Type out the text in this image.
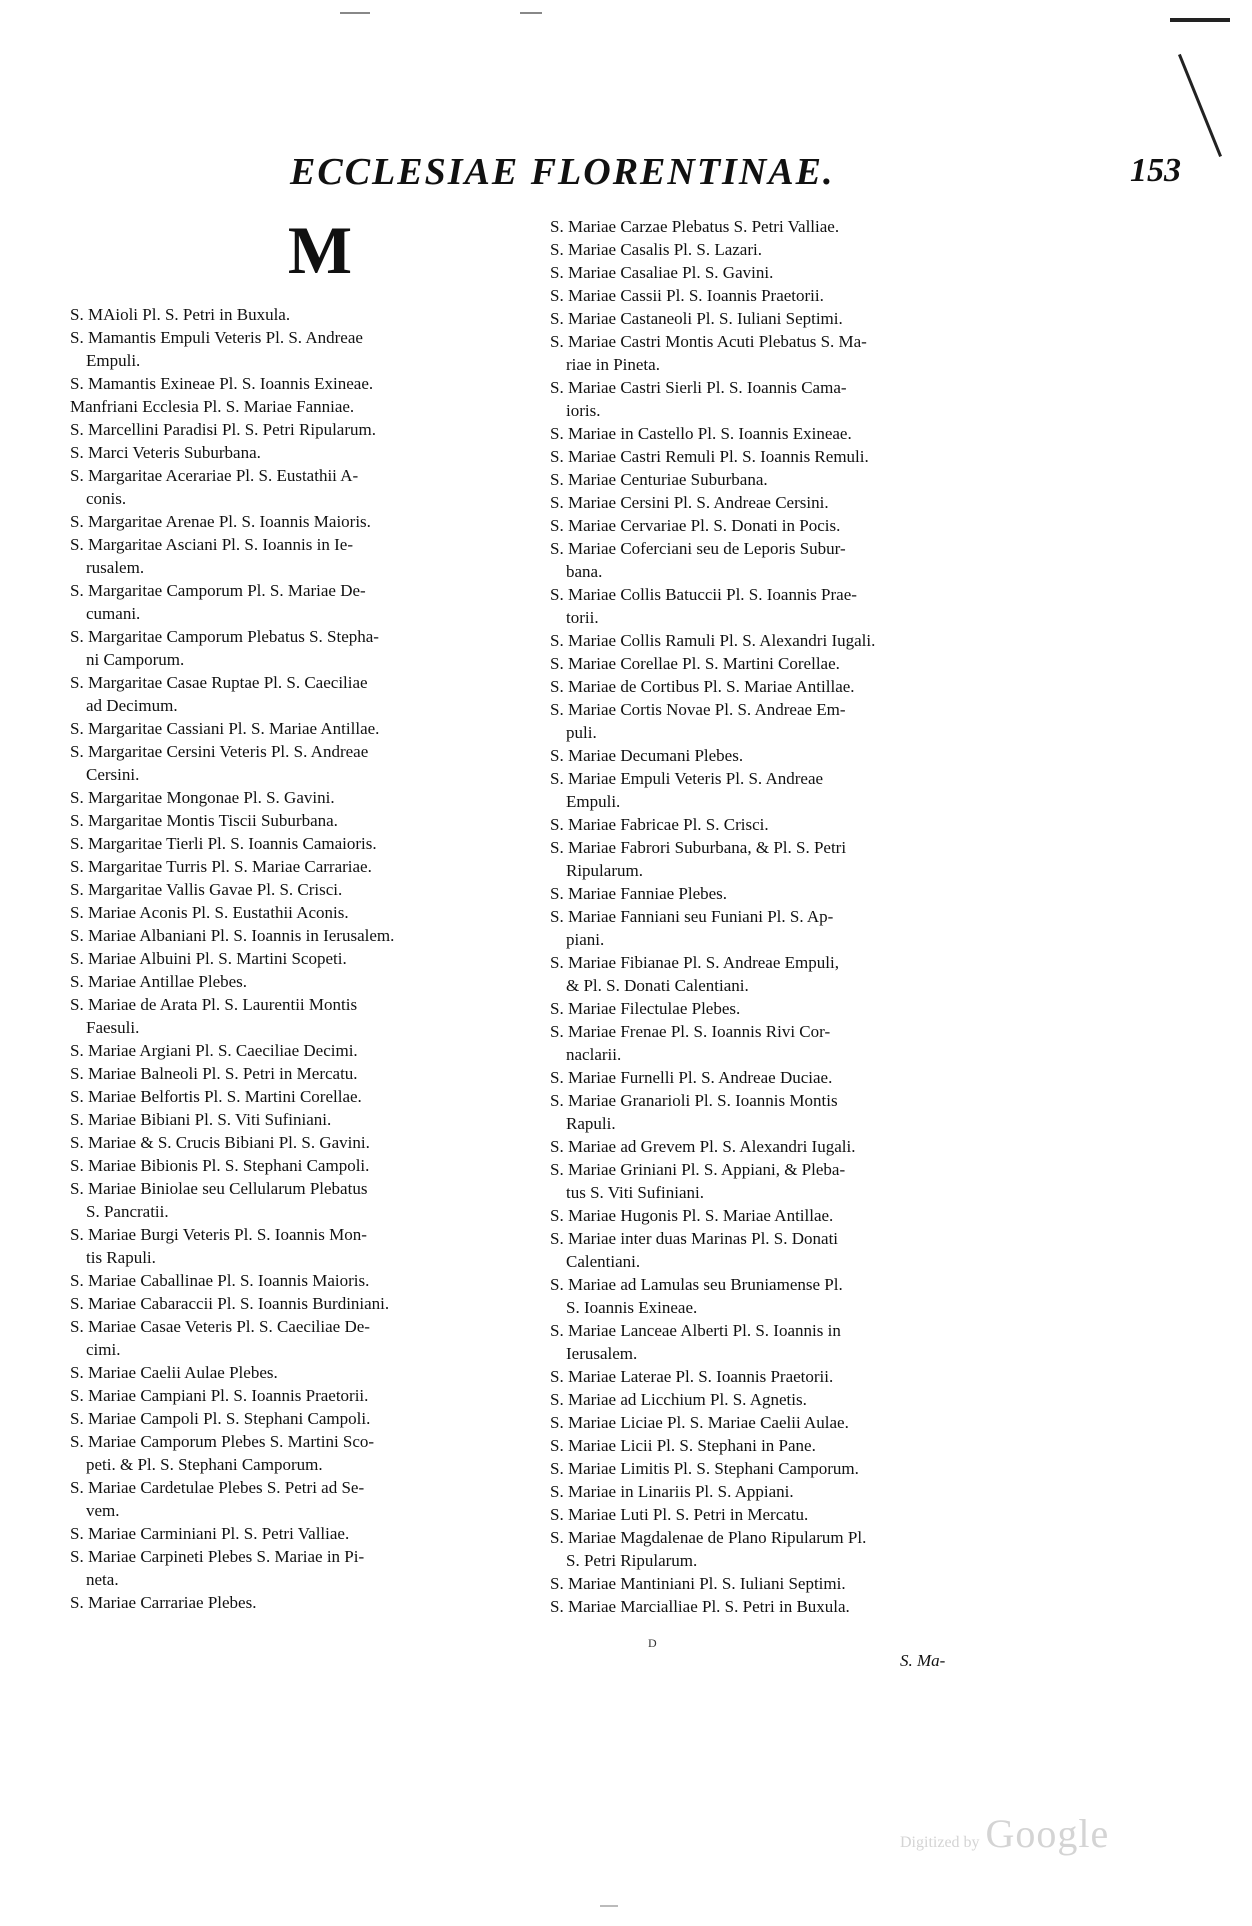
ECCLESIAE FLORENTINAE.	153
M

S. MAioli Pl. S. Petri in Buxula.

S. Mamantis Empuli Veteris Pl. S. Andreae
Empuli.

S. Mamantis Exineae Pl. S. Ioannis Exineae.

Manfriani Ecclesia Pl. S. Mariae Fanniae.

S. Marcellini Paradisi Pl. S. Petri Ripularum.

S. Marci Veteris Suburbana.

S. Margaritae Acerariae Pl. S. Eustathii A-
conis.

S. Margaritae Arenae Pl. S. Ioannis Maioris.

S. Margaritae Asciani Pl. S. Ioannis in Ie-
rusalem.

S. Margaritae Camporum Pl. S. Mariae De-
cumani.

S. Margaritae Camporum Plebatus S. Stepha-
ni Camporum.

S. Margaritae Casae Ruptae Pl. S. Caeciliae
ad Decimum.

S. Margaritae Cassiani Pl. S. Mariae Antillae.

S. Margaritae Cersini Veteris Pl. S. Andreae
Cersini.

S. Margaritae Mongonae Pl. S. Gavini.

S. Margaritae Montis Tiscii Suburbana.

S. Margaritae Tierli Pl. S. Ioannis Camaioris.

S. Margaritae Turris Pl. S. Mariae Carrariae.

S. Margaritae Vallis Gavae Pl. S. Crisci.

S. Mariae Aconis Pl. S. Eustathii Aconis.

S. Mariae Albaniani Pl. S. Ioannis in Ierusalem.

S. Mariae Albuini Pl. S. Martini Scopeti.

S. Mariae Antillae Plebes.

S. Mariae de Arata Pl. S. Laurentii Montis
Faesuli.

S. Mariae Argiani Pl. S. Caeciliae Decimi.

S. Mariae Balneoli Pl. S. Petri in Mercatu.

S. Mariae Belfortis Pl. S. Martini Corellae.

S. Mariae Bibiani Pl. S. Viti Sufiniani.

S. Mariae & S. Crucis Bibiani Pl. S. Gavini.

S. Mariae Bibionis Pl. S. Stephani Campoli.

S. Mariae Biniolae seu Cellularum Plebatus
S. Pancratii.

S. Mariae Burgi Veteris Pl. S. Ioannis Mon-
tis Rapuli.

S. Mariae Caballinae Pl. S. Ioannis Maioris.

S. Mariae Cabaraccii Pl. S. Ioannis Burdiniani.

S. Mariae Casae Veteris Pl. S. Caeciliae De-
cimi.

S. Mariae Caelii Aulae Plebes.

S. Mariae Campiani Pl. S. Ioannis Praetorii.

S. Mariae Campoli Pl. S. Stephani Campoli.

S. Mariae Camporum Plebes S. Martini Sco-
peti. & Pl. S. Stephani Camporum.

S. Mariae Cardetulae Plebes S. Petri ad Se-
vem.

S. Mariae Carminiani Pl. S. Petri Valliae.

S. Mariae Carpineti Plebes S. Mariae in Pi-
neta.

S. Mariae Carrariae Plebes.

S. Mariae Carzae Plebatus S. Petri Valliae.

S. Mariae Casalis Pl. S. Lazari.

S. Mariae Casaliae Pl. S. Gavini.

S. Mariae Cassii Pl. S. Ioannis Praetorii.

S. Mariae Castaneoli Pl. S. Iuliani Septimi.

S. Mariae Castri Montis Acuti Plebatus S. Ma-
riae in Pineta.

S. Mariae Castri Sierli Pl. S. Ioannis Cama-
ioris.

S. Mariae in Castello Pl. S. Ioannis Exineae.

S. Mariae Castri Remuli Pl. S. Ioannis Remuli.

S. Mariae Centuriae Suburbana.

S. Mariae Cersini Pl. S. Andreae Cersini.

S. Mariae Cervariae Pl. S. Donati in Pocis.

S. Mariae Coferciani seu de Leporis Subur-
bana.

S. Mariae Collis Batuccii Pl. S. Ioannis Prae-
torii.

S. Mariae Collis Ramuli Pl. S. Alexandri Iugali.

S. Mariae Corellae Pl. S. Martini Corellae.

S. Mariae de Cortibus Pl. S. Mariae Antillae.

S. Mariae Cortis Novae Pl. S. Andreae Em-
puli.

S. Mariae Decumani Plebes.

S. Mariae Empuli Veteris Pl. S. Andreae
Empuli.

S. Mariae Fabricae Pl. S. Crisci.

S. Mariae Fabrori Suburbana, & Pl. S. Petri
Ripularum.

S. Mariae Fanniae Plebes.

S. Mariae Fanniani seu Funiani Pl. S. Ap-
piani.

S. Mariae Fibianae Pl. S. Andreae Empuli,
& Pl. S. Donati Calentiani.

S. Mariae Filectulae Plebes.

S. Mariae Frenae Pl. S. Ioannis Rivi Cor-
naclarii.

S. Mariae Furnelli Pl. S. Andreae Duciae.

S. Mariae Granarioli Pl. S. Ioannis Montis
Rapuli.

S. Mariae ad Grevem Pl. S. Alexandri Iugali.

S. Mariae Griniani Pl. S. Appiani, & Pleba-
tus S. Viti Sufiniani.

S. Mariae Hugonis Pl. S. Mariae Antillae.

S. Mariae inter duas Marinas Pl. S. Donati
Calentiani.

S. Mariae ad Lamulas seu Bruniamense Pl.
S. Ioannis Exineae.

S. Mariae Lanceae Alberti Pl. S. Ioannis in
Ierusalem.

S. Mariae Laterae Pl. S. Ioannis Praetorii.

S. Mariae ad Licchium Pl. S. Agnetis.

S. Mariae Liciae Pl. S. Mariae Caelii Aulae.

S. Mariae Licii Pl. S. Stephani in Pane.

S. Mariae Limitis Pl. S. Stephani Camporum.

S. Mariae in Linariis Pl. S. Appiani.

S. Mariae Luti Pl. S. Petri in Mercatu.

S. Mariae Magdalenae de Plano Ripularum Pl.
S. Petri Ripularum.

S. Mariae Mantiniani Pl. S. Iuliani Septimi.

S. Mariae Marcialliae Pl. S. Petri in Buxula.

D
S. Ma-
Digitized by Google
